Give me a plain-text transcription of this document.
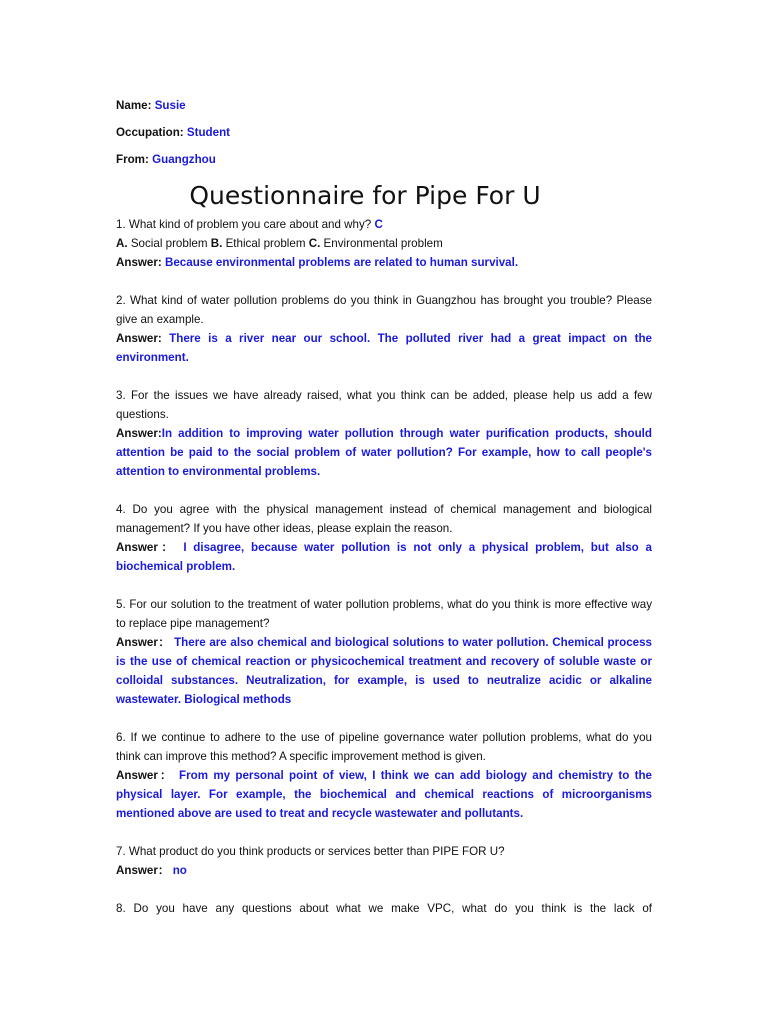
Name: Susie
Occupation: Student
From: Guangzhou
Questionnaire for Pipe For U
1. What kind of problem you care about and why? C
A. Social problem B. Ethical problem C. Environmental problem
Answer: Because environmental problems are related to human survival.
2. What kind of water pollution problems do you think in Guangzhou has brought you trouble? Please give an example.
Answer: There is a river near our school. The polluted river had a great impact on the environment.
3. For the issues we have already raised, what you think can be added, please help us add a few questions.
Answer:In addition to improving water pollution through water purification products, should attention be paid to the social problem of water pollution? For example, how to call people's attention to environmental problems.
4. Do you agree with the physical management instead of chemical management and biological management? If you have other ideas, please explain the reason.
Answer： I disagree, because water pollution is not only a physical problem, but also a biochemical problem.
5. For our solution to the treatment of water pollution problems, what do you think is more effective way to replace pipe management?
Answer： There are also chemical and biological solutions to water pollution. Chemical process is the use of chemical reaction or physicochemical treatment and recovery of soluble waste or colloidal substances. Neutralization, for example, is used to neutralize acidic or alkaline wastewater. Biological methods
6. If we continue to adhere to the use of pipeline governance water pollution problems, what do you think can improve this method? A specific improvement method is given.
Answer： From my personal point of view, I think we can add biology and chemistry to the physical layer. For example, the biochemical and chemical reactions of microorganisms mentioned above are used to treat and recycle wastewater and pollutants.
7. What product do you think products or services better than PIPE FOR U?
Answer： no
8. Do you have any questions about what we make VPC, what do you think is the lack of
